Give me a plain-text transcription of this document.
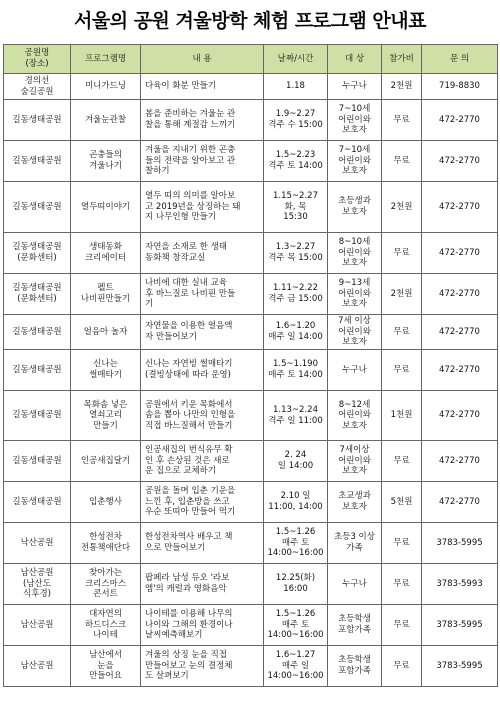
서울의 공원 겨울방학 체험 프로그램 안내표
공원명
(장소)	프로그램명	내 용	날짜/시간	대 상	참가비	문 의
경의선
숲길공원	미니가드닝	다육이 화분 만들기	1.18	누구나	2천원	719-8830
길동생태공원	겨울눈관찰	봄을 준비하는 겨울눈 관
찰을 통해 계절감 느끼기	1.9~2.27
격주 수 15:00	7~10세
어린이와
보호자	무료	472-2770
길동생태공원	곤충들의
겨울나기	겨울을 지내기 위한 곤충
들의 전략을 알아보고 관
찰하기	1.5~2.23
격주 토 14:00	7~10세
어린이와
보호자	무료	472-2770
길동생태공원	열두띠이야기	열두 띠의 의미를 알아보
고 2019년을 상징하는 돼
지 나무인형 만들기	1.15~2.27
화, 목
15:30	초등생과
보호자	2천원	472-2770
길동생태공원
(문화센터)	생태동화
크리에이터	자연을 소재로 한 생태
동화책 창작교실	1.3~2.27
격주 목 15:00	8~10세
어린이와
보호자	무료	472-2770
길동생태공원
(문화센터)	펠트
나비핀만들기	나비에 대한 실내 교육
후 바느질로 나비핀 만들
기	1.11~2.22
격주 금 15:00	9~13세
어린이와
보호자	2천원	472-2770
길동생태공원	얼음아 놀자	자연물을 이용한 얼음액
자 만들어보기	1.6~1.20
매주 일 14:00	7세 이상
어린이와
보호자	무료	472-2770
길동생태공원	신나는
썰매타기	신나는 자연빙 썰매타기
(결빙상태에 따라 운영)	1.5~1.190
매주 토 14:00	누구나	무료	472-2770
길동생태공원	목화솜 넣은
열쇠고리
만들기	공원에서 키운 목화에서
솜을 뽑아 나만의 인형을
직접 바느질해서 만들기	1.13~2.24
격주 일 11:00	8~12세
어린이와
보호자	1천원	472-2770
길동생태공원	인공새집달기	인공새집의 번식유무 확
인 후 손상된 것은 새로
운 집으로 교체하기	2. 24
일 14:00	7세이상
어린이와
보호자	무료	472-2770
길동생태공원	입춘행사	공원을 돌며 입춘 기운을
느낀 후, 입춘방을 쓰고
우순 또띠아 만들어 먹기	2.10 일
11:00, 14:00	초교생과
보호자	5천원	472-2770
낙산공원	한성전차
전통책애단다	한성전차역사 배우고 책
으로 만들어보기	1.5~1.26
매주 토
14:00~16:00	초등3 이상
가족	무료	3783-5995
남산공원
(남산도
식후경)	찾아가는
크리스마스
콘서트	팝페라 남성 듀오 '라보
엠'의 캐럴과 영화음악	12.25(화)
16:00	누구나	무료	3783-5993
남산공원	대자연의
하드디스크
나이테	나이테를 이용해 나무의
나이와 그해의 환경이나
날씨예측해보기	1.5~1.26
매주 토
14:00~16:00	초등학생
포함가족	무료	3783-5995
남산공원	남산에서
눈을
만들어요	겨울의 상징 눈을 직접
만들어보고 눈의 결정체
도 살펴보기	1.6~1.27
매주 일
14:00~16:00	초등학생
포함가족	무료	3783-5995
